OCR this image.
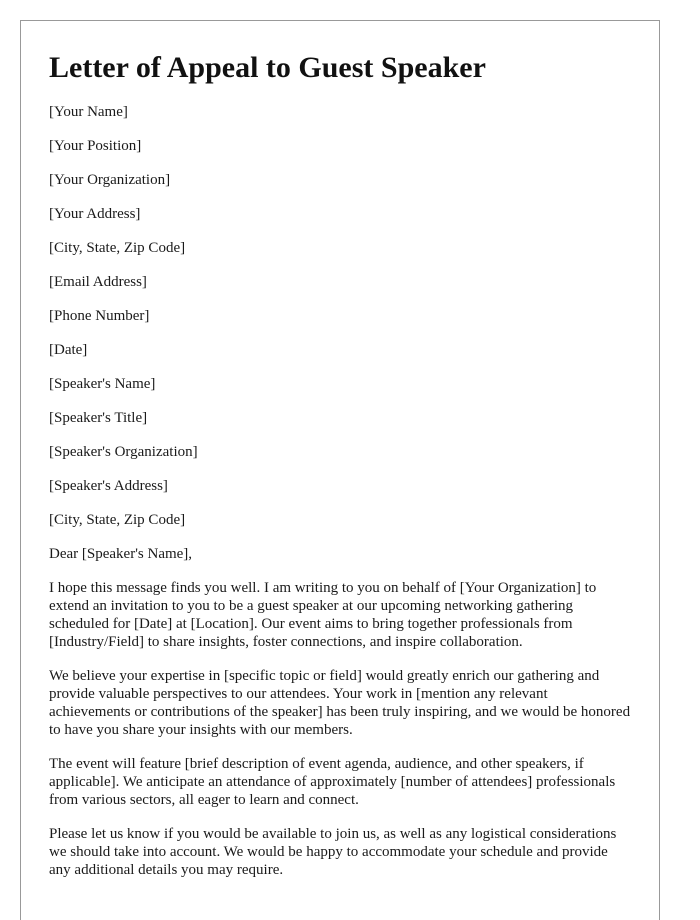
Letter of Appeal to Guest Speaker

[Your Name]

[Your Position]

[Your Organization]

[Your Address]

[City, State, Zip Code]

[Email Address]

[Phone Number]

[Date]

[Speaker's Name]

[Speaker's Title]

[Speaker's Organization]

[Speaker's Address]

[City, State, Zip Code]

Dear [Speaker's Name],

I hope this message finds you well. I am writing to you on behalf of [Your Organization] to extend an invitation to you to be a guest speaker at our upcoming networking gathering scheduled for [Date] at [Location]. Our event aims to bring together professionals from [Industry/Field] to share insights, foster connections, and inspire collaboration.

We believe your expertise in [specific topic or field] would greatly enrich our gathering and provide valuable perspectives to our attendees. Your work in [mention any relevant achievements or contributions of the speaker] has been truly inspiring, and we would be honored to have you share your insights with our members.

The event will feature [brief description of event agenda, audience, and other speakers, if applicable]. We anticipate an attendance of approximately [number of attendees] professionals from various sectors, all eager to learn and connect.

Please let us know if you would be available to join us, as well as any logistical considerations we should take into account. We would be happy to accommodate your schedule and provide any additional details you may require.
